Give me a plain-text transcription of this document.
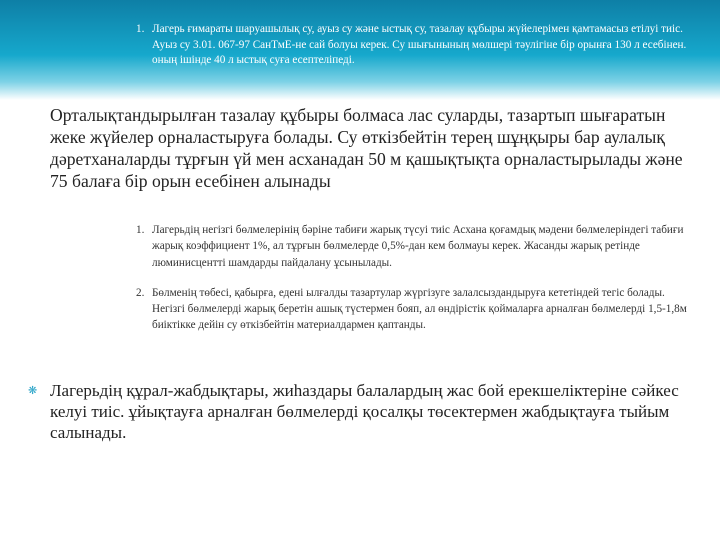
1. Лагерь ғимараты шаруашылық су, ауыз су және ыстық су, тазалау құбыры жүйелерімен қамтамасыз етілуі тиіс. Ауыз су 3.01. 067-97 СанТмЕ-не сай болуы керек. Су шығынының мөлшері тәулігіне бір орынға 130 л есебінен. оның ішінде 40 л ыстық суға есептеліпеді.

Орталықтандырылған тазалау құбыры болмаса лас суларды, тазартып шығаратын жеке жүйелер орналастыруға болады. Су өткізбейтін терең шұңқыры бар аулалық дәретханаларды тұрғын үй мен асханадан 50 м қашықтықта орналастырылады және 75 балаға бір орын есебінен алынады

1. Лагерьдің негізгі бөлмелерінің бәріне табиғи жарық түсуі тиіс Асхана қоғамдық мәдени бөлмелеріндегі табиғи жарық коэффициент 1%, ал тұрғын бөлмелерде 0,5%-дан кем болмауы керек. Жасанды жарық ретінде люминисцентті шамдарды пайдалану ұсынылады.
2. Бөлменің төбесі, қабырға, едені ылғалды тазартулар жүргізуге залалсыздандыруға кететіндей тегіс болады. Негізгі бөлмелерді жарық беретін ашық түстермен бояп, ал өндірістік қоймаларға арналған бөлмелерді 1,5-1,8м биіктікке дейін су өткізбейтін материалдармен қаптанды.
❋ Лагерьдің құрал-жабдықтары, жиһаздары балалардың жас бой ерекшеліктеріне сәйкес келуі тиіс. ұйықтауға арналған бөлмелерді қосалқы төсектермен жабдықтауға тыйым салынады.
